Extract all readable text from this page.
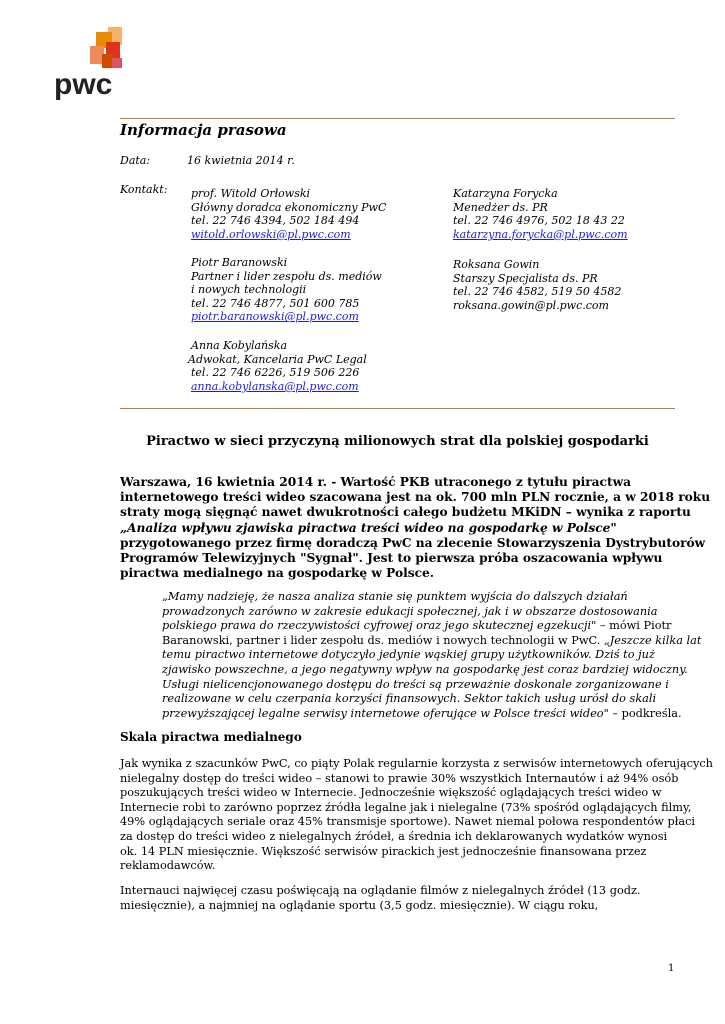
pwc
Informacja prasowa
Data:	16 kwietnia 2014 r.
Kontakt: prof. Witold Orłowski
Główny doradca ekonomiczny PwC
tel. 22 746 4394, 502 184 494
witold.orlowski@pl.pwc.com
Piotr Baranowski
Partner i lider zespołu ds. mediów
i nowych technologii
tel. 22 746 4877, 501 600 785
piotr.baranowski@pl.pwc.com
Anna Kobylańska
Adwokat, Kancelaria PwC Legal
tel. 22 746 6226, 519 506 226
anna.kobylanska@pl.pwc.com
Katarzyna Forycka
Menedżer ds. PR
tel. 22 746 4976, 502 18 43 22
katarzyna.forycka@pl.pwc.com
Roksana Gowin
Starszy Specjalista ds. PR
tel. 22 746 4582, 519 50 4582
roksana.gowin@pl.pwc.com
Piractwo w sieci przyczyną milionowych strat dla polskiej gospodarki
Warszawa, 16 kwietnia 2014 r. - Wartość PKB utraconego z tytułu piractwa
internetowego treści wideo szacowana jest na ok. 700 mln PLN rocznie, a w 2018 roku
straty mogą sięgnąć nawet dwukrotności całego budżetu MKiDN – wynika z raportu
„Analiza wpływu zjawiska piractwa treści wideo na gospodarkę w Polsce"
przygotowanego przez firmę doradczą PwC na zlecenie Stowarzyszenia Dystrybutorów
Programów Telewizyjnych "Sygnał". Jest to pierwsza próba oszacowania wpływu
piractwa medialnego na gospodarkę w Polsce.
„Mamy nadzieję, że nasza analiza stanie się punktem wyjścia do dalszych działań
prowadzonych zarówno w zakresie edukacji społecznej, jak i w obszarze dostosowania
polskiego prawa do rzeczywistości cyfrowej oraz jego skutecznej egzekucji" – mówi Piotr
Baranowski, partner i lider zespołu ds. mediów i nowych technologii w PwC. „Jeszcze kilka lat
temu piractwo internetowe dotyczyło jedynie wąskiej grupy użytkowników. Dziś to już
zjawisko powszechne, a jego negatywny wpływ na gospodarkę jest coraz bardziej widoczny.
Usługi nielicencjonowanego dostępu do treści są przeważnie doskonale zorganizowane i
realizowane w celu czerpania korzyści finansowych. Sektor takich usług urósł do skali
przewyższającej legalne serwisy internetowe oferujące w Polsce treści wideo" – podkreśla.
Skala piractwa medialnego
Jak wynika z szacunków PwC, co piąty Polak regularnie korzysta z serwisów internetowych oferujących
nielegalny dostęp do treści wideo – stanowi to prawie 30% wszystkich Internautów i aż 94% osób
poszukujących treści wideo w Internecie. Jednocześnie większość oglądających treści wideo w
Internecie robi to zarówno poprzez źródła legalne jak i nielegalne (73% spośród oglądających filmy,
49% oglądających seriale oraz 45% transmisje sportowe). Nawet niemal połowa respondentów płaci
za dostęp do treści wideo z nielegalnych źródeł, a średnia ich deklarowanych wydatków wynosi
ok. 14 PLN miesięcznie. Większość serwisów pirackich jest jednocześnie finansowana przez
reklamodawców.
Internauci najwięcej czasu poświęcają na oglądanie filmów z nielegalnych źródeł (13 godz.
miesięcznie), a najmniej na oglądanie sportu (3,5 godz. miesięcznie). W ciągu roku,
1
